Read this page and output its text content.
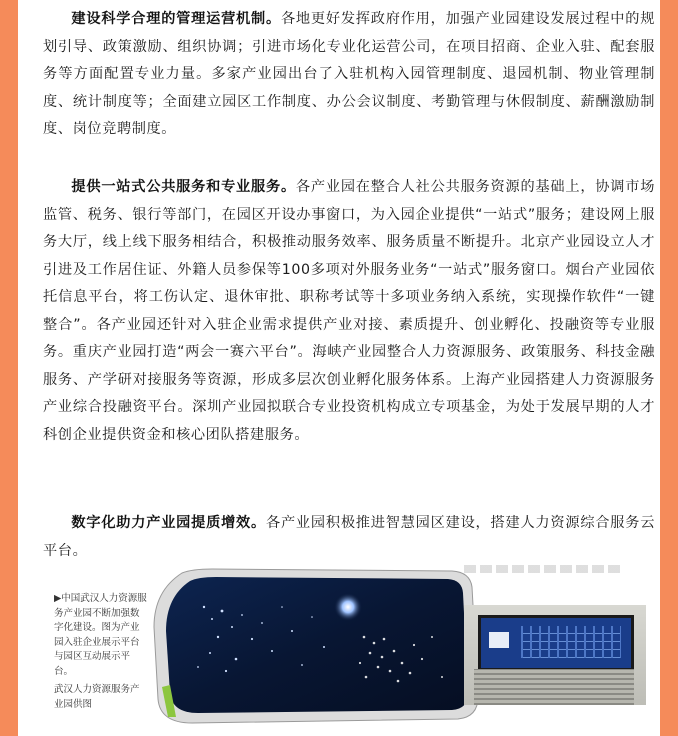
建设科学合理的管理运营机制。各地更好发挥政府作用，加强产业园建设发展过程中的规划引导、政策激励、组织协调；引进市场化专业化运营公司，在项目招商、企业入驻、配套服务等方面配置专业力量。多家产业园出台了入驻机构入园管理制度、退园机制、物业管理制度、统计制度等；全面建立园区工作制度、办公会议制度、考勤管理与休假制度、薪酬激励制度、岗位竞聘制度。

提供一站式公共服务和专业服务。各产业园在整合人社公共服务资源的基础上，协调市场监管、税务、银行等部门，在园区开设办事窗口，为入园企业提供“一站式”服务；建设网上服务大厅，线上线下服务相结合，积极推动服务效率、服务质量不断提升。北京产业园设立人才引进及工作居住证、外籍人员参保等100多项对外服务业务“一站式”服务窗口。烟台产业园依托信息平台，将工伤认定、退休审批、职称考试等十多项业务纳入系统，实现操作软件“一键整合”。各产业园还针对入驻企业需求提供产业对接、素质提升、创业孵化、投融资等专业服务。重庆产业园打造“两会一赛六平台”。海峡产业园整合人力资源服务、政策服务、科技金融服务、产学研对接服务等资源，形成多层次创业孵化服务体系。上海产业园搭建人力资源服务产业综合投融资平台。深圳产业园拟联合专业投资机构成立专项基金，为处于发展早期的人才科创企业提供资金和核心团队搭建服务。

数字化助力产业园提质增效。各产业园积极推进智慧园区建设，搭建人力资源综合服务云平台。

▶中国武汉人力资源服务产业园不断加强数字化建设。图为产业园入驻企业展示平台与园区互动展示平台。
武汉人力资源服务产业园供图
